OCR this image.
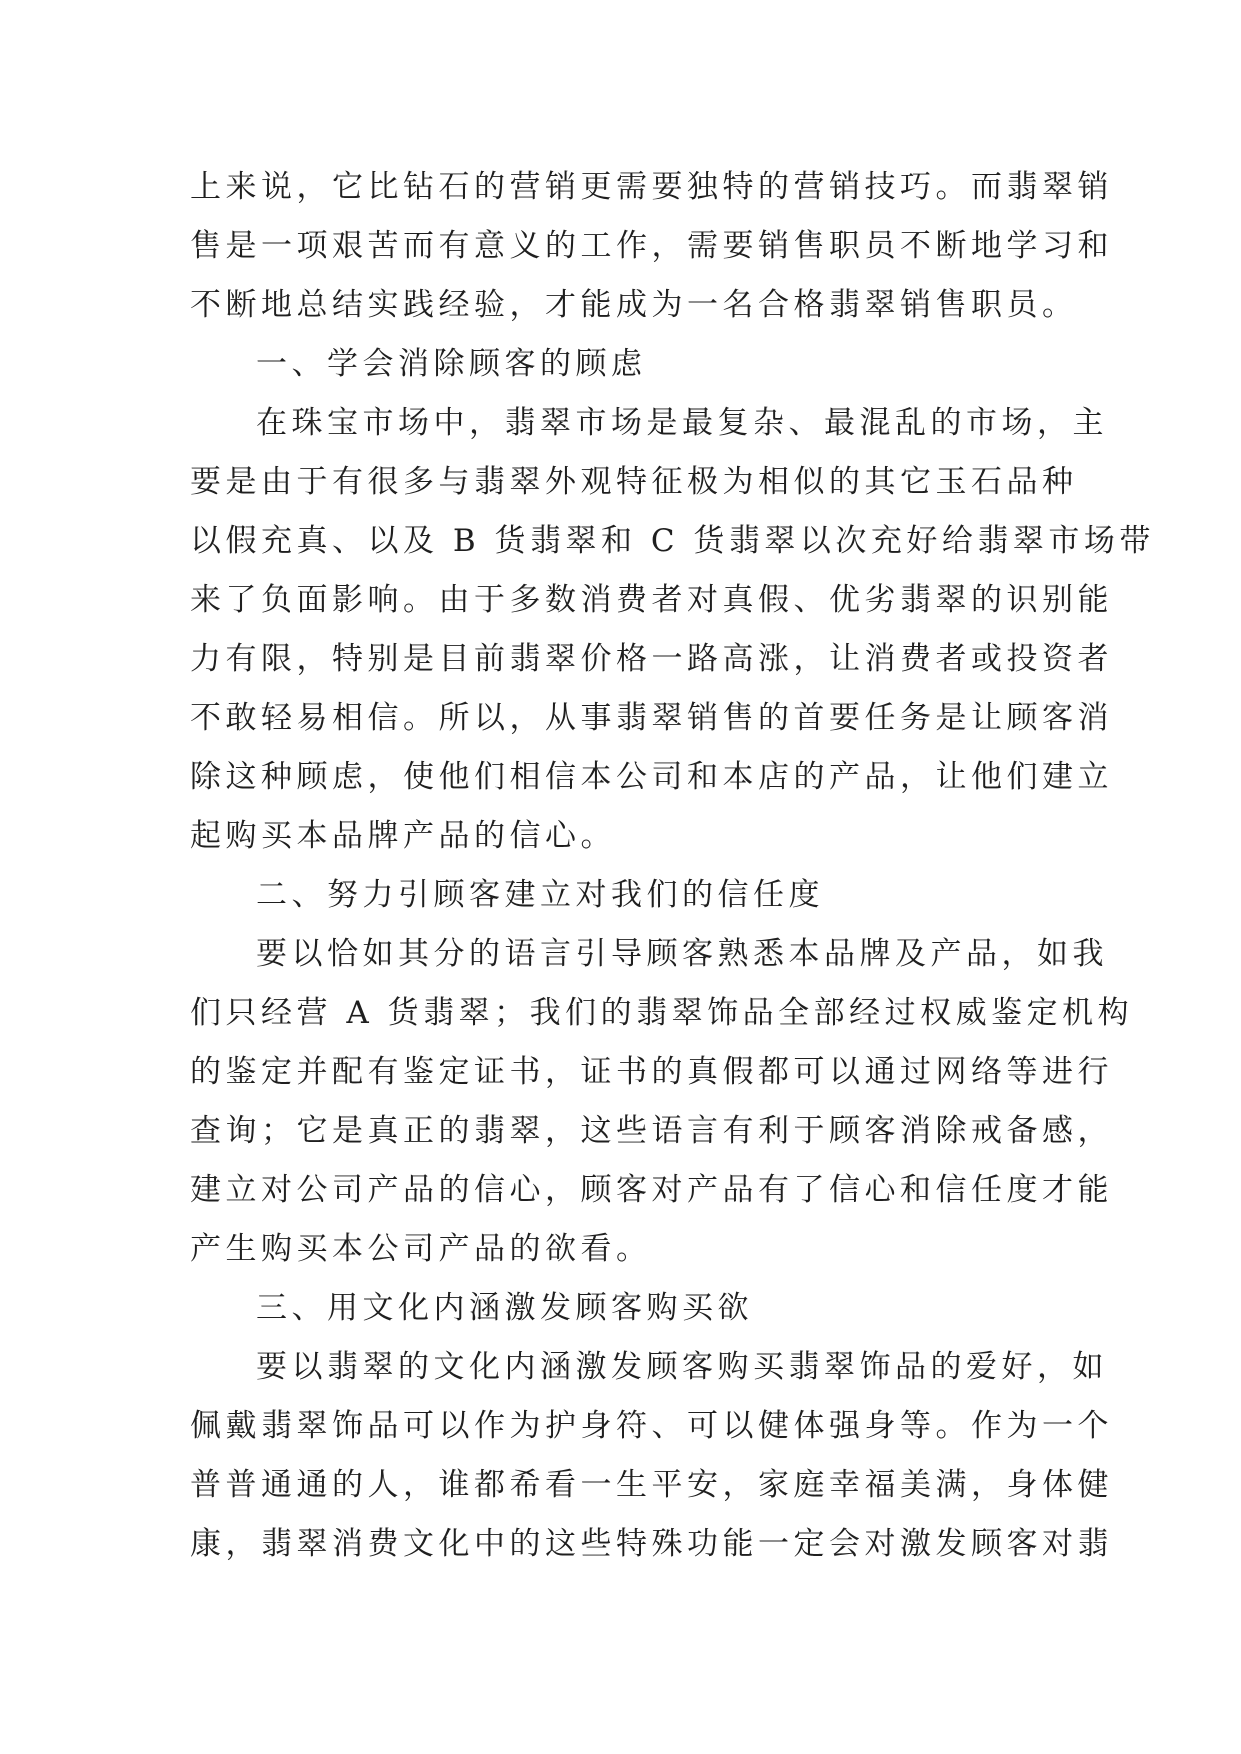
上来说，它比钻石的营销更需要独特的营销技巧。而翡翠销
售是一项艰苦而有意义的工作，需要销售职员不断地学习和
不断地总结实践经验，才能成为一名合格翡翠销售职员。
一、学会消除顾客的顾虑
在珠宝市场中，翡翠市场是最复杂、最混乱的市场，主
要是由于有很多与翡翠外观特征极为相似的其它玉石品种
以假充真、以及 B 货翡翠和 C 货翡翠以次充好给翡翠市场带
来了负面影响。由于多数消费者对真假、优劣翡翠的识别能
力有限，特别是目前翡翠价格一路高涨，让消费者或投资者
不敢轻易相信。所以，从事翡翠销售的首要任务是让顾客消
除这种顾虑，使他们相信本公司和本店的产品，让他们建立
起购买本品牌产品的信心。
二、努力引顾客建立对我们的信任度
要以恰如其分的语言引导顾客熟悉本品牌及产品，如我
们只经营 A 货翡翠；我们的翡翠饰品全部经过权威鉴定机构
的鉴定并配有鉴定证书，证书的真假都可以通过网络等进行
查询；它是真正的翡翠，这些语言有利于顾客消除戒备感，
建立对公司产品的信心，顾客对产品有了信心和信任度才能
产生购买本公司产品的欲看。
三、用文化内涵激发顾客购买欲
要以翡翠的文化内涵激发顾客购买翡翠饰品的爱好，如
佩戴翡翠饰品可以作为护身符、可以健体强身等。作为一个
普普通通的人，谁都希看一生平安，家庭幸福美满，身体健
康，翡翠消费文化中的这些特殊功能一定会对激发顾客对翡
